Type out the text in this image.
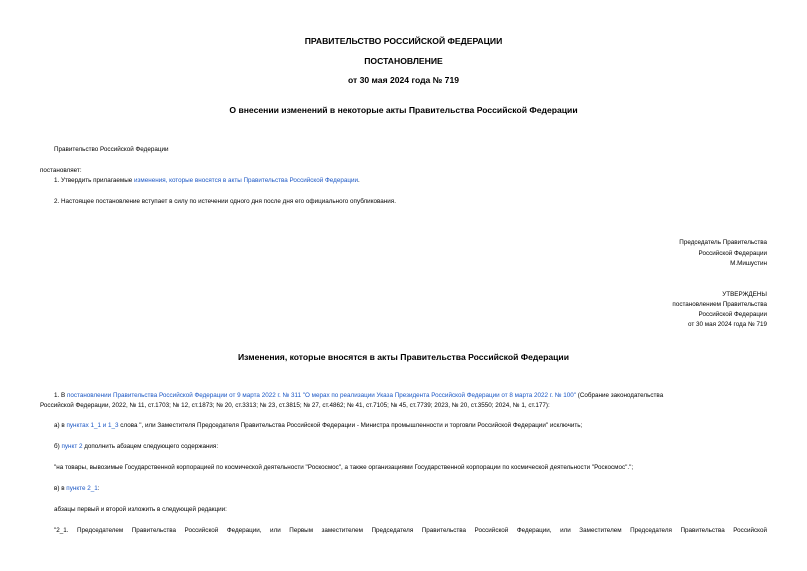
ПРАВИТЕЛЬСТВО РОССИЙСКОЙ ФЕДЕРАЦИИ
ПОСТАНОВЛЕНИЕ
от 30 мая 2024 года № 719
О внесении изменений в некоторые акты Правительства Российской Федерации
Правительство Российской Федерации
постановляет:
1. Утвердить прилагаемые изменения, которые вносятся в акты Правительства Российской Федерации.
2. Настоящее постановление вступает в силу по истечении одного дня после дня его официального опубликования.
Председатель Правительства
Российской Федерации
М.Мишустин
УТВЕРЖДЕНЫ
постановлением Правительства
Российской Федерации
от 30 мая 2024 года № 719
Изменения, которые вносятся в акты Правительства Российской Федерации
1. В постановлении Правительства Российской Федерации от 9 марта 2022 г. № 311 "О мерах по реализации Указа Президента Российской Федерации от 8 марта 2022 г. № 100" (Собрание законодательства
Российской Федерации, 2022, № 11, ст.1703; № 12, ст.1873; № 20, ст.3313; № 23, ст.3815; № 27, ст.4862; № 41, ст.7105; № 45, ст.7739; 2023, № 20, ст.3550; 2024, № 1, ст.177):
а) в пунктах 1_1 и 1_3 слова ", или Заместителя Председателя Правительства Российской Федерации - Министра промышленности и торговли Российской Федерации" исключить;
б) пункт 2 дополнить абзацем следующего содержания:
"на товары, вывозимые Государственной корпорацией по космической деятельности "Роскосмос", а также организациями Государственной корпорации по космической деятельности "Роскосмос".";
в) в пункте 2_1:
абзацы первый и второй изложить в следующей редакции:
"2_1. Председателем Правительства Российской Федерации, или Первым заместителем Председателя Правительства Российской Федерации, или Заместителем Председателя Правительства Российской
